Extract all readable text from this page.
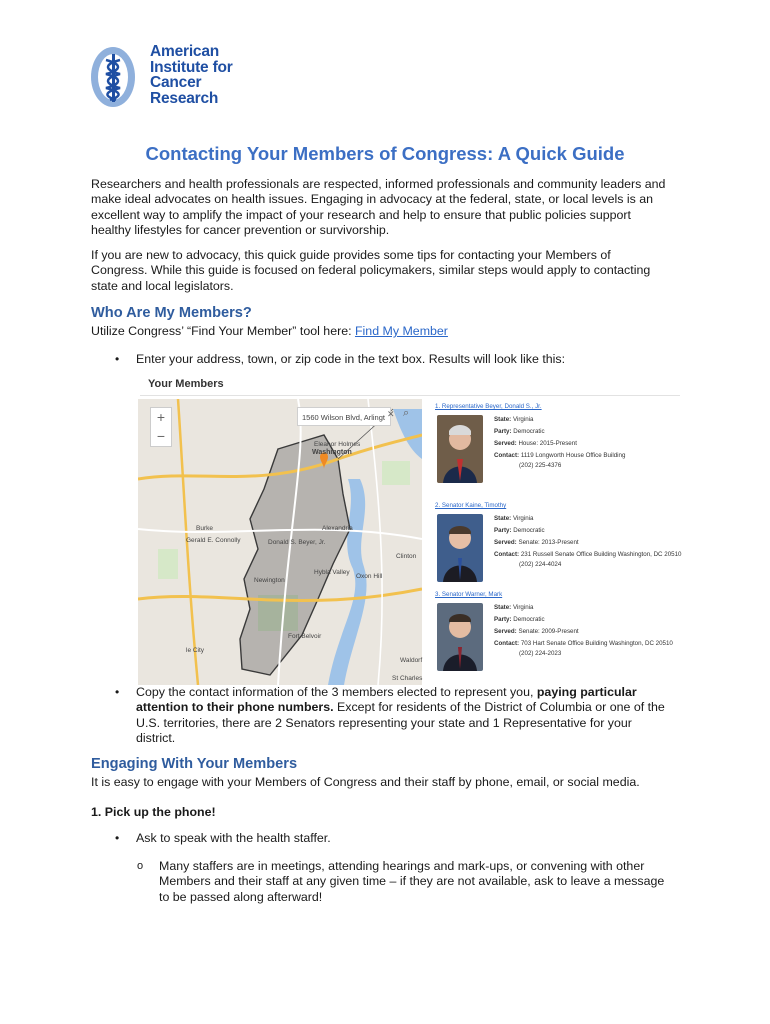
American
Institute for
Cancer
Research
Contacting Your Members of Congress: A Quick Guide
Researchers and health professionals are respected, informed professionals and community leaders and
make ideal advocates on health issues. Engaging in advocacy at the federal, state, or local levels is an
excellent way to amplify the impact of your research and help to ensure that public policies support
healthy lifestyles for cancer prevention or survivorship.
If you are new to advocacy, this quick guide provides some tips for contacting your Members of
Congress. While this guide is focused on federal policymakers, similar steps would apply to contacting
state and local legislators.
Who Are My Members?
Utilize Congress’ “Find Your Member” tool here: Find My Member
• Enter your address, town, or zip code in the text box. Results will look like this:
Your Members
+
−
1560 Wilson Blvd, Arlingt ✕ ⌕
Eleanor Holmes
Washington
Alexandria
Gerald E. Connolly	Donald S. Beyer, Jr.
Newington
Hybla Valley
Fort Belvoir
le City
Waldorf
St Charles
Clinton
Oxon Hill
Burke
1. Representative Beyer, Donald S., Jr.
State: Virginia
Party: Democratic
Served: House: 2015-Present
Contact: 1119 Longworth House Office Building
(202) 225-4376
2. Senator Kaine, Timothy
State: Virginia
Party: Democratic
Served: Senate: 2013-Present
Contact: 231 Russell Senate Office Building Washington, DC 20510
(202) 224-4024
3. Senator Warner, Mark
State: Virginia
Party: Democratic
Served: Senate: 2009-Present
Contact: 703 Hart Senate Office Building Washington, DC 20510
(202) 224-2023
• Copy the contact information of the 3 members elected to represent you, paying particular
attention to their phone numbers. Except for residents of the District of Columbia or one of the
U.S. territories, there are 2 Senators representing your state and 1 Representative for your
district.
Engaging With Your Members
It is easy to engage with your Members of Congress and their staff by phone, email, or social media.
1. Pick up the phone!
• Ask to speak with the health staffer.
o Many staffers are in meetings, attending hearings and mark-ups, or convening with other
Members and their staff at any given time – if they are not available, ask to leave a message
to be passed along afterward!
